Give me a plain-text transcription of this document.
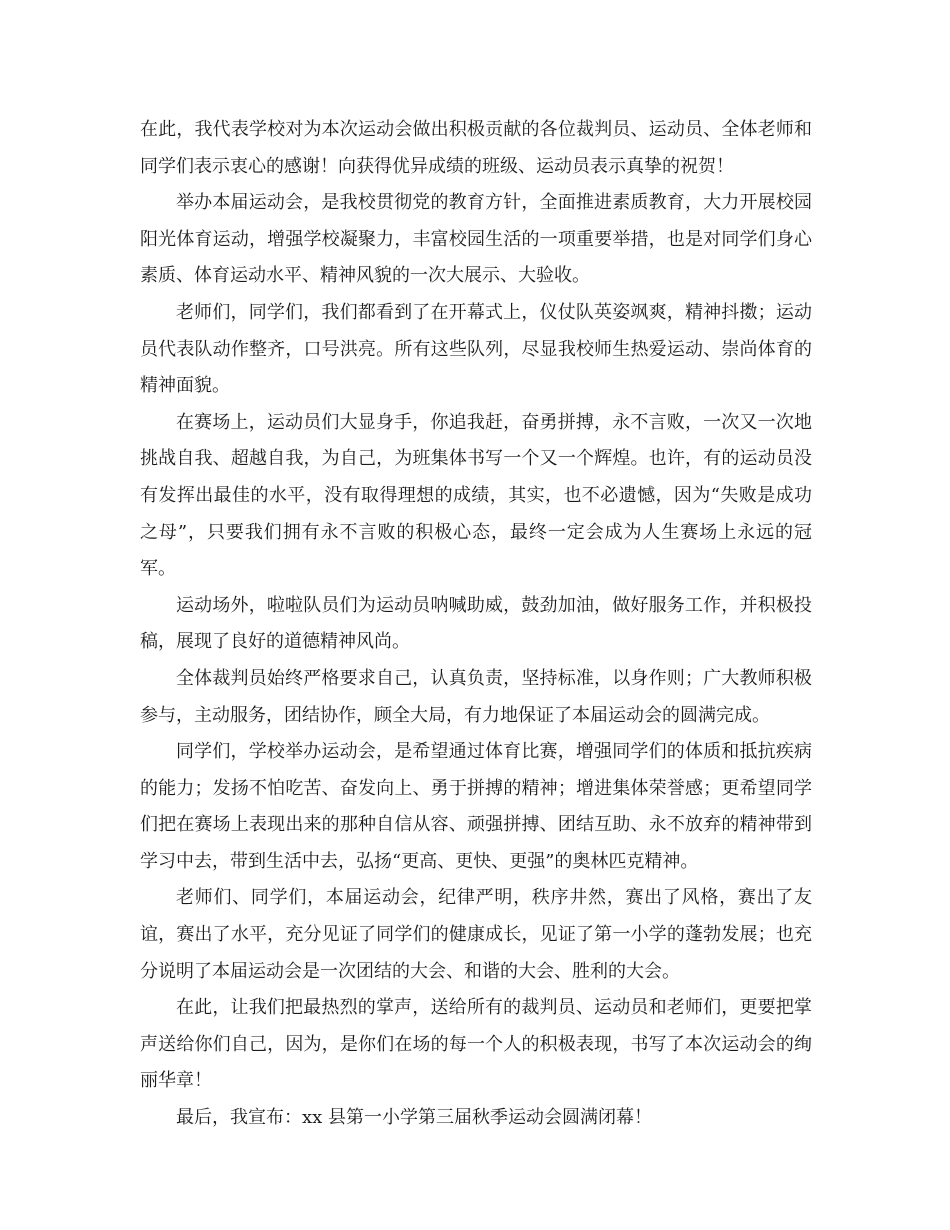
在此，我代表学校对为本次运动会做出积极贡献的各位裁判员、运动员、全体老师和同学们表示衷心的感谢！向获得优异成绩的班级、运动员表示真挚的祝贺！

举办本届运动会，是我校贯彻党的教育方针，全面推进素质教育，大力开展校园阳光体育运动，增强学校凝聚力，丰富校园生活的一项重要举措，也是对同学们身心素质、体育运动水平、精神风貌的一次大展示、大验收。

老师们，同学们，我们都看到了在开幕式上，仪仗队英姿飒爽，精神抖擞；运动员代表队动作整齐，口号洪亮。所有这些队列，尽显我校师生热爱运动、崇尚体育的精神面貌。

在赛场上，运动员们大显身手，你追我赶，奋勇拼搏，永不言败，一次又一次地挑战自我、超越自我，为自己，为班集体书写一个又一个辉煌。也许，有的运动员没有发挥出最佳的水平，没有取得理想的成绩，其实，也不必遗憾，因为“失败是成功之母”，只要我们拥有永不言败的积极心态，最终一定会成为人生赛场上永远的冠军。

运动场外，啦啦队员们为运动员呐喊助威，鼓劲加油，做好服务工作，并积极投稿，展现了良好的道德精神风尚。

全体裁判员始终严格要求自己，认真负责，坚持标准，以身作则；广大教师积极参与，主动服务，团结协作，顾全大局，有力地保证了本届运动会的圆满完成。

同学们，学校举办运动会，是希望通过体育比赛，增强同学们的体质和抵抗疾病的能力；发扬不怕吃苦、奋发向上、勇于拼搏的精神；增进集体荣誉感；更希望同学们把在赛场上表现出来的那种自信从容、顽强拼搏、团结互助、永不放弃的精神带到学习中去，带到生活中去，弘扬“更高、更快、更强”的奥林匹克精神。

老师们、同学们，本届运动会，纪律严明，秩序井然，赛出了风格，赛出了友谊，赛出了水平，充分见证了同学们的健康成长，见证了第一小学的蓬勃发展；也充分说明了本届运动会是一次团结的大会、和谐的大会、胜利的大会。

在此，让我们把最热烈的掌声，送给所有的裁判员、运动员和老师们，更要把掌声送给你们自己，因为，是你们在场的每一个人的积极表现，书写了本次运动会的绚丽华章！

最后，我宣布：xx 县第一小学第三届秋季运动会圆满闭幕！
